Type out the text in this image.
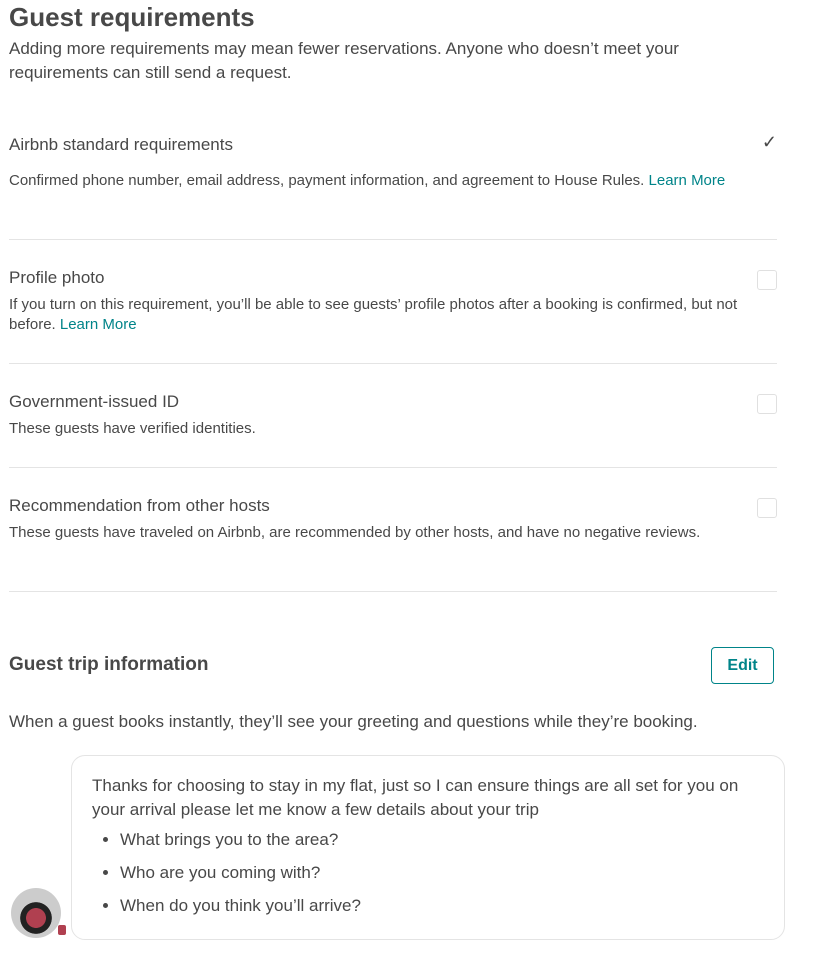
Guest requirements
Adding more requirements may mean fewer reservations. Anyone who doesn’t meet your requirements can still send a request.
Airbnb standard requirements	✓
Confirmed phone number, email address, payment information, and agreement to House Rules. Learn More
Profile photo
If you turn on this requirement, you’ll be able to see guests’ profile photos after a booking is confirmed, but not before. Learn More
Government-issued ID
These guests have verified identities.
Recommendation from other hosts
These guests have traveled on Airbnb, are recommended by other hosts, and have no negative reviews.
Guest trip information	Edit
When a guest books instantly, they’ll see your greeting and questions while they’re booking.
Thanks for choosing to stay in my flat, just so I can ensure things are all set for you on your arrival please let me know a few details about your trip
• What brings you to the area?
• Who are you coming with?
• When do you think you’ll arrive?
